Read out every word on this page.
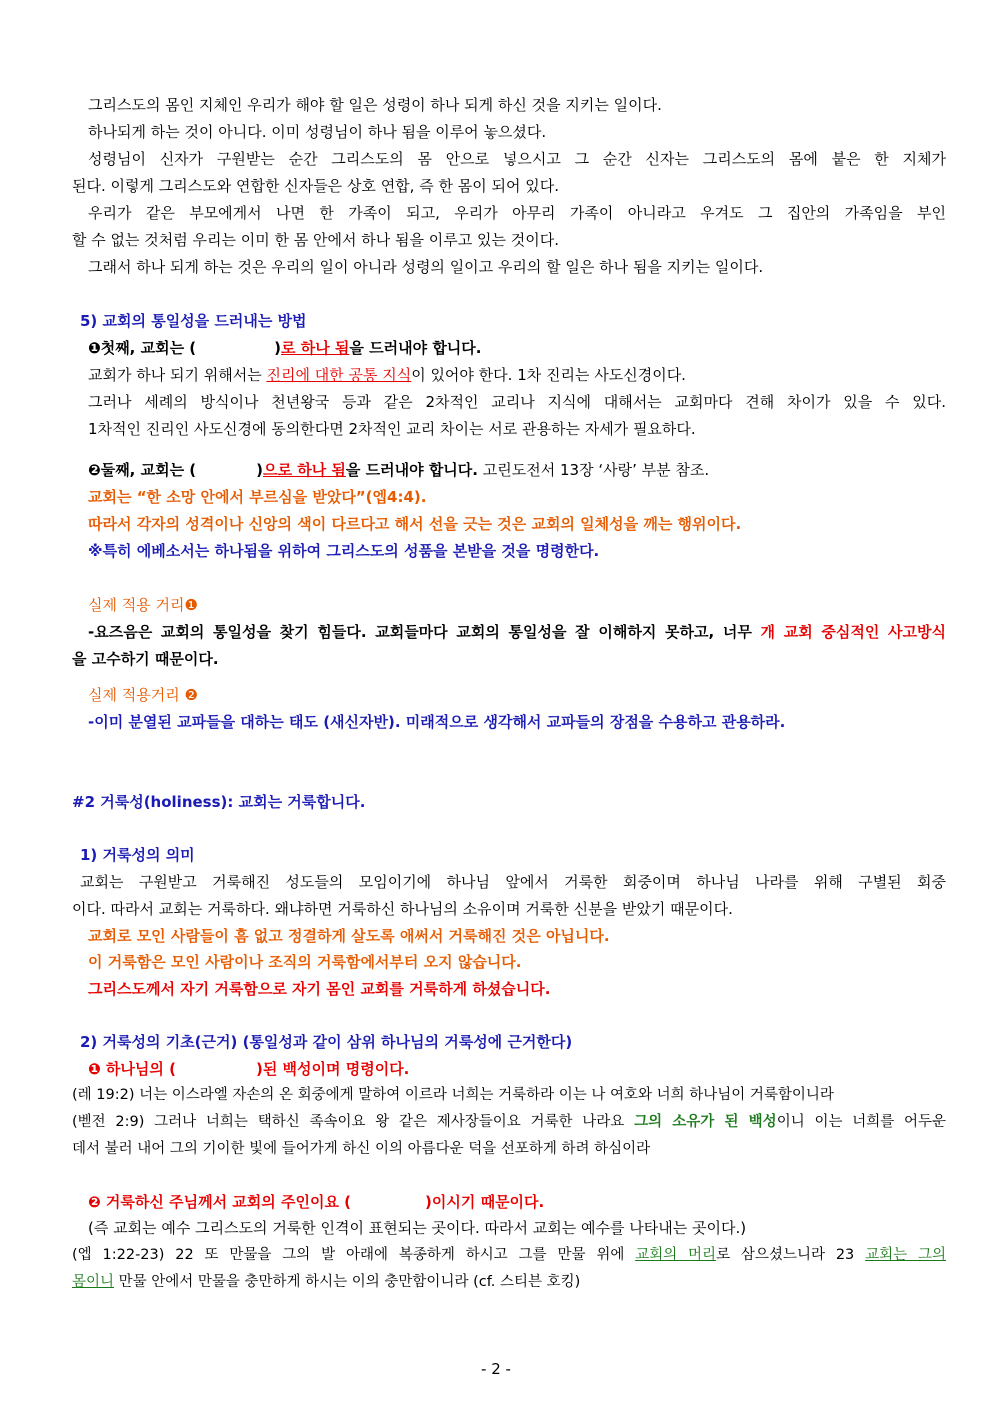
그리스도의 몸인 지체인 우리가 해야 할 일은 성령이 하나 되게 하신 것을 지키는 일이다.
하나되게 하는 것이 아니다. 이미 성령님이 하나 됨을 이루어 놓으셨다.
성령님이 신자가 구원받는 순간 그리스도의 몸 안으로 넣으시고 그 순간 신자는 그리스도의 몸에 붙은 한 지체가
된다. 이렇게 그리스도와 연합한 신자들은 상호 연합, 즉 한 몸이 되어 있다.
우리가 같은 부모에게서 나면 한 가족이 되고, 우리가 아무리 가족이 아니라고 우겨도 그 집안의 가족임을 부인
할 수 없는 것처럼 우리는 이미 한 몸 안에서 하나 됨을 이루고 있는 것이다.
그래서 하나 되게 하는 것은 우리의 일이 아니라 성령의 일이고 우리의 할 일은 하나 됨을 지키는 일이다.
5) 교회의 통일성을 드러내는 방법
❶첫째, 교회는 (	)로 하나 됨을 드러내야 합니다.
교회가 하나 되기 위해서는 진리에 대한 공통 지식이 있어야 한다. 1차 진리는 사도신경이다.
그러나 세례의 방식이나 천년왕국 등과 같은 2차적인 교리나 지식에 대해서는 교회마다 견해 차이가 있을 수 있다.
1차적인 진리인 사도신경에 동의한다면 2차적인 교리 차이는 서로 관용하는 자세가 필요하다.
❷둘째, 교회는 (	)으로 하나 됨을 드러내야 합니다. 고린도전서 13장 ‘사랑’ 부분 참조.
교회는 “한 소망 안에서 부르심을 받았다”(엡4:4).
따라서 각자의 성격이나 신앙의 색이 다르다고 해서 선을 긋는 것은 교회의 일체성을 깨는 행위이다.
※특히 에베소서는 하나됨을 위하여 그리스도의 성품을 본받을 것을 명령한다.
실제 적용 거리❶
-요즈음은 교회의 통일성을 찾기 힘들다. 교회들마다 교회의 통일성을 잘 이해하지 못하고, 너무 개 교회 중심적인 사고방식
을 고수하기 때문이다.
실제 적용거리 ❷
-이미 분열된 교파들을 대하는 태도 (새신자반). 미래적으로 생각해서 교파들의 장점을 수용하고 관용하라.
#2 거룩성(holiness): 교회는 거룩합니다.
1) 거룩성의 의미
교회는 구원받고 거룩해진 성도들의 모임이기에 하나님 앞에서 거룩한 회중이며 하나님 나라를 위해 구별된 회중
이다. 따라서 교회는 거룩하다. 왜냐하면 거룩하신 하나님의 소유이며 거룩한 신분을 받았기 때문이다.
교회로 모인 사람들이 흠 없고 정결하게 살도록 애써서 거룩해진 것은 아닙니다.
이 거룩함은 모인 사람이나 조직의 거룩함에서부터 오지 않습니다.
그리스도께서 자기 거룩함으로 자기 몸인 교회를 거룩하게 하셨습니다.
2) 거룩성의 기초(근거) (통일성과 같이 삼위 하나님의 거룩성에 근거한다)
❶ 하나님의 (	)된 백성이며 명령이다.
(레 19:2) 너는 이스라엘 자손의 온 회중에게 말하여 이르라 너희는 거룩하라 이는 나 여호와 너희 하나님이 거룩함이니라
(벧전 2:9) 그러나 너희는 택하신 족속이요 왕 같은 제사장들이요 거룩한 나라요 그의 소유가 된 백성이니 이는 너희를 어두운
데서 불러 내어 그의 기이한 빛에 들어가게 하신 이의 아름다운 덕을 선포하게 하려 하심이라
❷ 거룩하신 주님께서 교회의 주인이요 (	)이시기 때문이다.
(즉 교회는 예수 그리스도의 거룩한 인격이 표현되는 곳이다. 따라서 교회는 예수를 나타내는 곳이다.)
(엡 1:22-23) 22 또 만물을 그의 발 아래에 복종하게 하시고 그를 만물 위에 교회의 머리로 삼으셨느니라 23 교회는 그의
몸이니 만물 안에서 만물을 충만하게 하시는 이의 충만함이니라 (cf. 스티븐 호킹)
- 2 -
